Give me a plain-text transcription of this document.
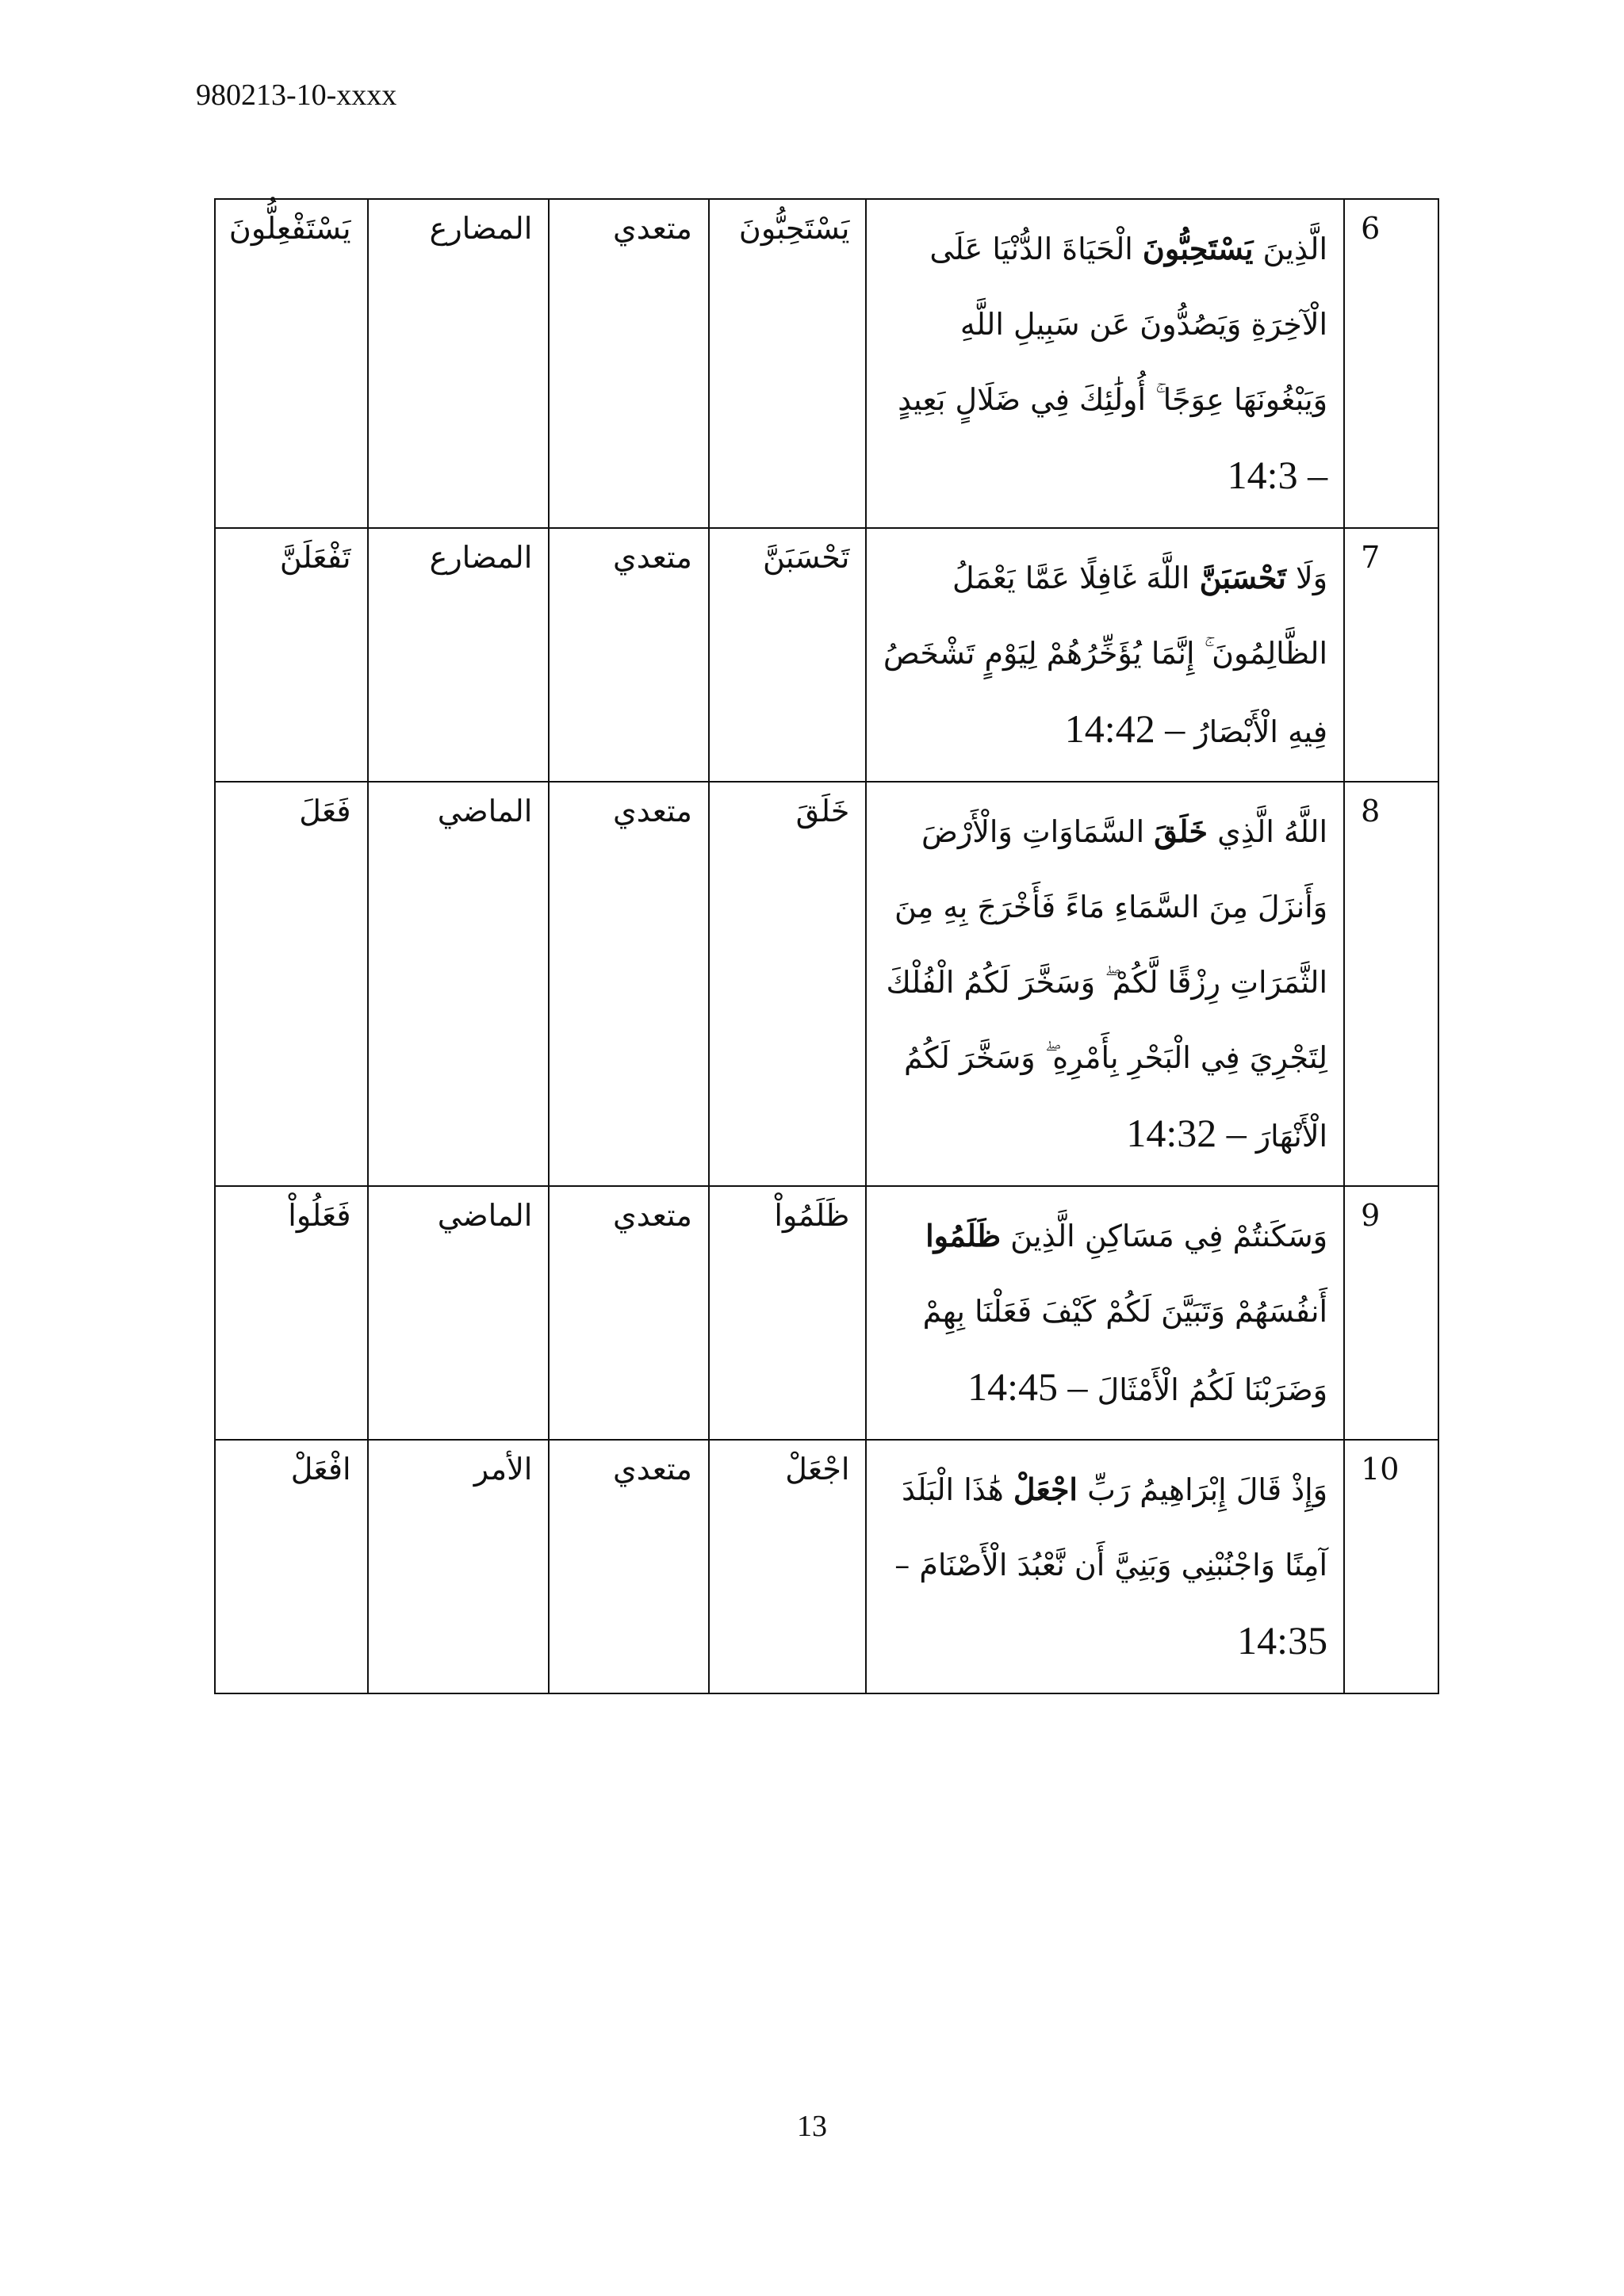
980213-10-xxxx
6	الَّذِينَ يَسْتَحِبُّونَ الْحَيَاةَ الدُّنْيَا عَلَى الْآخِرَةِ وَيَصُدُّونَ عَن سَبِيلِ اللَّهِ وَيَبْغُونَهَا عِوَجًا ۚ أُولَٰئِكَ فِي ضَلَالٍ بَعِيدٍ 14:3 –	يَسْتَحِبُّونَ	متعدي	المضارع	يَسْتَفْعِلُّونَ
7	وَلَا تَحْسَبَنَّ اللَّهَ غَافِلًا عَمَّا يَعْمَلُ الظَّالِمُونَ ۚ إِنَّمَا يُؤَخِّرُهُمْ لِيَوْمٍ تَشْخَصُ فِيهِ الْأَبْصَارُ 14:42 –	تَحْسَبَنَّ	متعدي	المضارع	تَفْعَلَنَّ
8	اللَّهُ الَّذِي خَلَقَ السَّمَاوَاتِ وَالْأَرْضَ وَأَنزَلَ مِنَ السَّمَاءِ مَاءً فَأَخْرَجَ بِهِ مِنَ الثَّمَرَاتِ رِزْقًا لَّكُمْ ۖ وَسَخَّرَ لَكُمُ الْفُلْكَ لِتَجْرِيَ فِي الْبَحْرِ بِأَمْرِهِ ۖ وَسَخَّرَ لَكُمُ الْأَنْهَارَ 14:32 –	خَلَقَ	متعدي	الماضي	فَعَلَ
9	وَسَكَنتُمْ فِي مَسَاكِنِ الَّذِينَ ظَلَمُوا أَنفُسَهُمْ وَتَبَيَّنَ لَكُمْ كَيْفَ فَعَلْنَا بِهِمْ وَضَرَبْنَا لَكُمُ الْأَمْثَالَ 14:45 –	ظَلَمُواْ	متعدي	الماضي	فَعَلُواْ
10	وَإِذْ قَالَ إِبْرَاهِيمُ رَبِّ اجْعَلْ هَٰذَا الْبَلَدَ آمِنًا وَاجْنُبْنِي وَبَنِيَّ أَن نَّعْبُدَ الْأَصْنَامَ – 14:35	اجْعَلْ	متعدي	الأمر	افْعَلْ
13
